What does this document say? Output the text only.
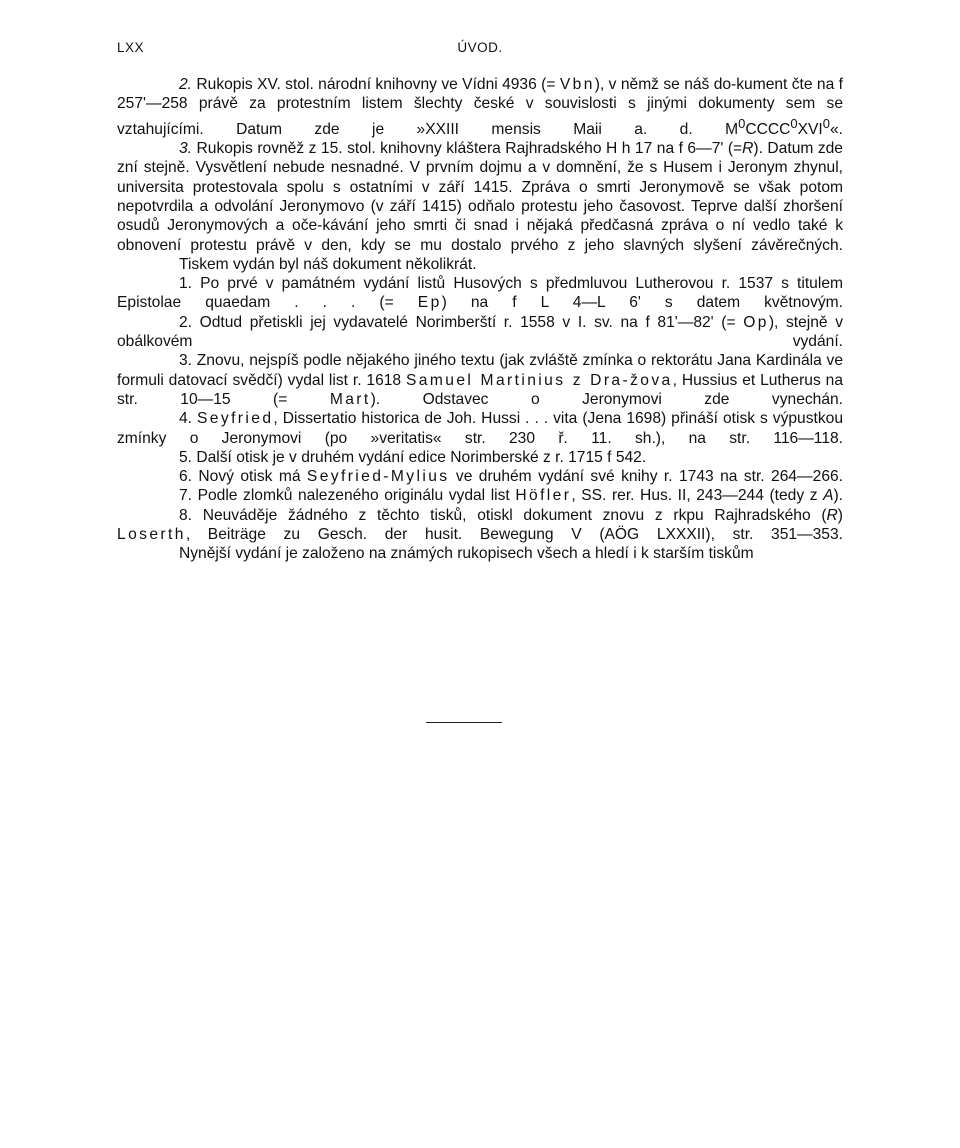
LXX	ÚVOD.
2. Rukopis XV. stol. národní knihovny ve Vídni 4936 (= Vbn), v němž se náš do-kument čte na f 257'—258 právě za protestním listem šlechty české v souvislosti s jinými dokumenty sem se vztahujícími. Datum zde je »XXIII mensis Maii a. d. $M^0CCCC^0XVI^0«$.
3. Rukopis rovněž z 15. stol. knihovny kláštera Rajhradského H h 17 na f 6—7' (=R). Datum zde zní stejně. Vysvětlení nebude nesnadné. V prvním dojmu a v domnění, že s Husem i Jeronym zhynul, universita protestovala spolu s ostatními v září 1415. Zpráva o smrti Jeronymově se však potom nepotvrdila a odvolání Jeronymovo (v září 1415) odňalo protestu jeho časovost. Teprve další zhoršení osudů Jeronymových a oče-kávání jeho smrti či snad i nějaká předčasná zpráva o ní vedlo také k obnovení protestu právě v den, kdy se mu dostalo prvého z jeho slavných slyšení závěrečných.
Tiskem vydán byl náš dokument několikrát.
1. Po prvé v památném vydání listů Husových s předmluvou Lutherovou r. 1537 s titulem Epistolae quaedam . . . (= Ep) na f L 4—L 6' s datem květnovým.
2. Odtud přetiskli jej vydavatelé Norimberští r. 1558 v I. sv. na f 81'—82' (= Op), stejně v obálkovém vydání.
3. Znovu, nejspíš podle nějakého jiného textu (jak zvláště zmínka o rektorátu Jana Kardinála ve formuli datovací svědčí) vydal list r. 1618 Samuel Martinius z Dra-žova, Hussius et Lutherus na str. 10—15 (= Mart). Odstavec o Jeronymovi zde vynechán.
4. Seyfried, Dissertatio historica de Joh. Hussi . . . vita (Jena 1698) přináší otisk s výpustkou zmínky o Jeronymovi (po »veritatis« str. 230 ř. 11. sh.), na str. 116—118.
5. Další otisk je v druhém vydání edice Norimberské z r. 1715 f 542.
6. Nový otisk má Seyfried-Mylius ve druhém vydání své knihy r. 1743 na str. 264—266.
7. Podle zlomků nalezeného originálu vydal list Höfler, SS. rer. Hus. II, 243—244 (tedy z A).
8. Neuváděje žádného z těchto tisků, otiskl dokument znovu z rkpu Rajhradského (R) Loserth, Beiträge zu Gesch. der husit. Bewegung V (AÖG LXXXII), str. 351—353.
Nynější vydání je založeno na známých rukopisech všech a hledí i k starším tiskům
